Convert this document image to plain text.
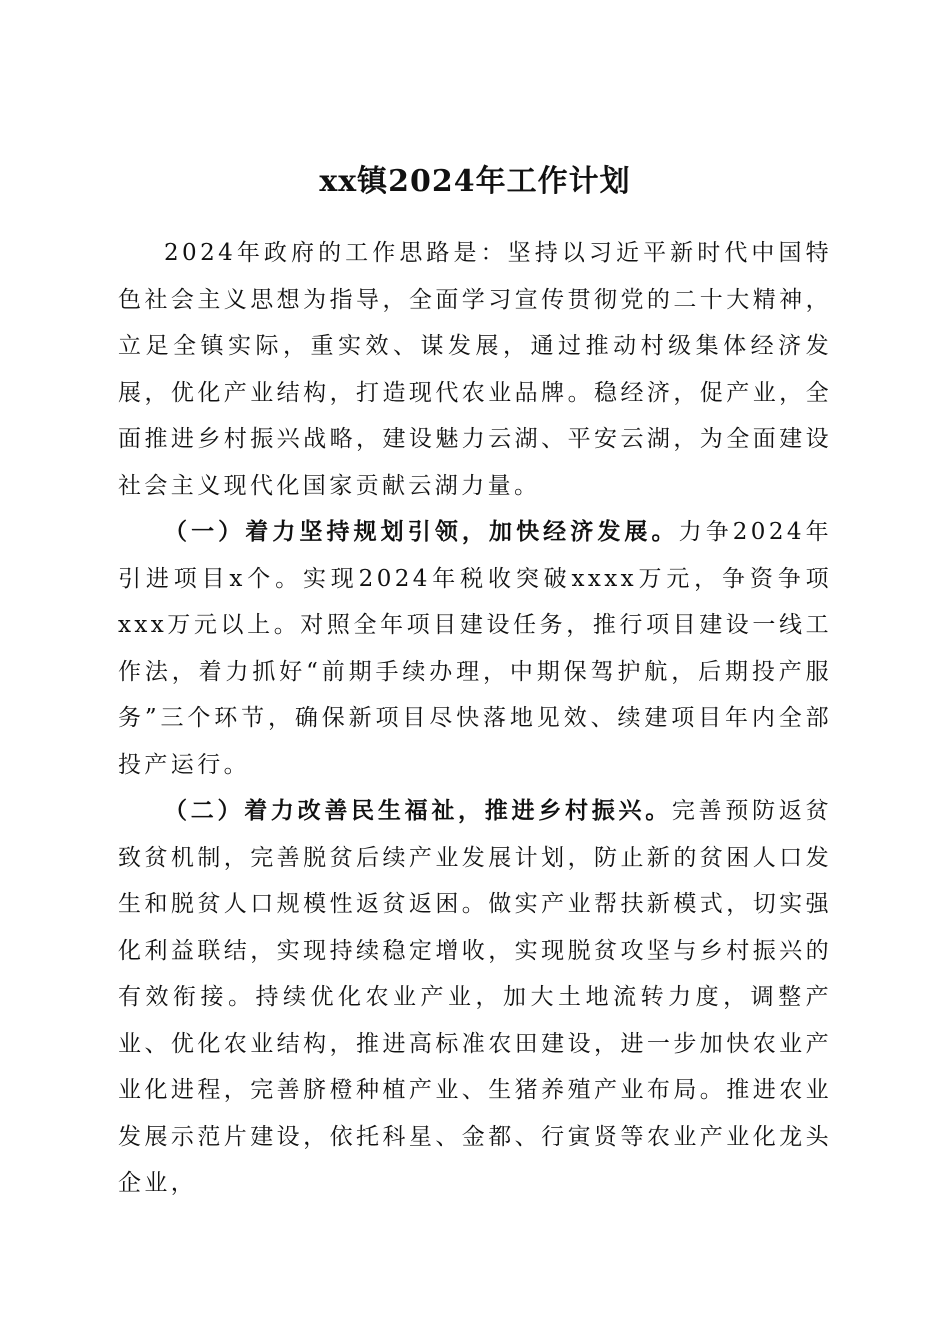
xx镇2024年工作计划

2024年政府的工作思路是：坚持以习近平新时代中国特色社会主义思想为指导，全面学习宣传贯彻党的二十大精神，立足全镇实际，重实效、谋发展，通过推动村级集体经济发展，优化产业结构，打造现代农业品牌。稳经济，促产业，全面推进乡村振兴战略，建设魅力云湖、平安云湖，为全面建设社会主义现代化国家贡献云湖力量。

（一）着力坚持规划引领，加快经济发展。力争2024年引进项目x个。实现2024年税收突破xxxx万元，争资争项xxx万元以上。对照全年项目建设任务，推行项目建设一线工作法，着力抓好“前期手续办理，中期保驾护航，后期投产服务”三个环节，确保新项目尽快落地见效、续建项目年内全部投产运行。

（二）着力改善民生福祉，推进乡村振兴。完善预防返贫致贫机制，完善脱贫后续产业发展计划，防止新的贫困人口发生和脱贫人口规模性返贫返困。做实产业帮扶新模式，切实强化利益联结，实现持续稳定增收，实现脱贫攻坚与乡村振兴的有效衔接。持续优化农业产业，加大土地流转力度，调整产业、优化农业结构，推进高标准农田建设，进一步加快农业产业化进程，完善脐橙种植产业、生猪养殖产业布局。推进农业发展示范片建设，依托科星、金都、行寅贤等农业产业化龙头企业，
